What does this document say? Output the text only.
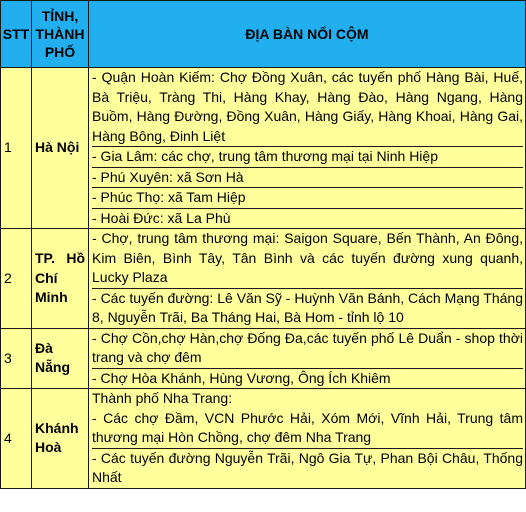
STT	TỈNH, THÀNH PHỐ	ĐỊA BÀN NỔI CỘM
1	Hà Nội	- Quận Hoàn Kiếm: Chợ Đồng Xuân, các tuyến phố Hàng Bài, Huế, Bà Triệu, Tràng Thi, Hàng Khay, Hàng Đào, Hàng Ngang, Hàng Buồm, Hàng Đường, Đồng Xuân, Hàng Giấy, Hàng Khoai, Hàng Gai, Hàng Bông, Đinh Liệt
- Gia Lâm: các chợ, trung tâm thương mại tại Ninh Hiệp
- Phú Xuyên: xã Sơn Hà
- Phúc Thọ: xã Tam Hiệp
- Hoài Đức: xã La Phù

2	TP. Hồ Chí Minh	- Chợ, trung tâm thương mại: Saigon Square, Bến Thành, An Đông, Kim Biên, Bình Tây, Tân Bình và các tuyến đường xung quanh, Lucky Plaza
- Các tuyến đường: Lê Văn Sỹ - Huỳnh Văn Bánh, Cách Mạng Tháng 8, Nguyễn Trãi, Ba Tháng Hai, Bà Hom - tỉnh lộ 10

3	Đà Nẵng	- Chợ Cồn,chợ Hàn,chợ Đống Đa,các tuyến phố Lê Duẩn - shop thời trang và chợ đêm
- Chợ Hòa Khánh, Hùng Vương, Ông Ích Khiêm

4	Khánh Hoà	Thành phố Nha Trang:
- Các chợ Đầm, VCN Phước Hải, Xóm Mới, Vĩnh Hải, Trung tâm thương mại Hòn Chồng, chợ đêm Nha Trang
- Các tuyến đường Nguyễn Trãi, Ngô Gia Tự, Phan Bội Châu, Thống Nhất
